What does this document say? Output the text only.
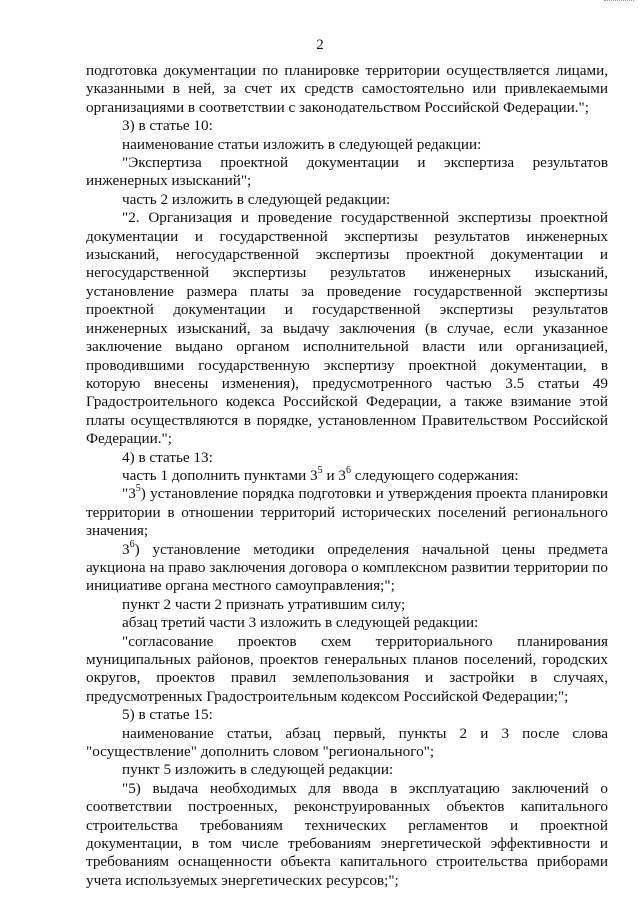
2

подготовка документации по планировке территории осуществляется лицами, указанными в ней, за счет их средств самостоятельно или привлекаемыми организациями в соответствии с законодательством Российской Федерации.";

3) в статье 10:

наименование статьи изложить в следующей редакции:

"Экспертиза проектной документации и экспертиза результатов инженерных изысканий";

часть 2 изложить в следующей редакции:

"2. Организация и проведение государственной экспертизы проектной документации и государственной экспертизы результатов инженерных изысканий, негосударственной экспертизы проектной документации и негосударственной экспертизы результатов инженерных изысканий, установление размера платы за проведение государственной экспертизы проектной документации и государственной экспертизы результатов инженерных изысканий, за выдачу заключения (в случае, если указанное заключение выдано органом исполнительной власти или организацией, проводившими государственную экспертизу проектной документации, в которую внесены изменения), предусмотренного частью 3.5 статьи 49 Градостроительного кодекса Российской Федерации, а также взимание этой платы осуществляются в порядке, установленном Правительством Российской Федерации.";

4) в статье 13:

часть 1 дополнить пунктами $3^5$ и $3^6$ следующего содержания:

"$3^5$) установление порядка подготовки и утверждения проекта планировки территории в отношении территорий исторических поселений регионального значения;

$3^6$) установление методики определения начальной цены предмета аукциона на право заключения договора о комплексном развитии территории по инициативе органа местного самоуправления;";

пункт 2 части 2 признать утратившим силу;

абзац третий части 3 изложить в следующей редакции:

"согласование проектов схем территориального планирования муниципальных районов, проектов генеральных планов поселений, городских округов, проектов правил землепользования и застройки в случаях, предусмотренных Градостроительным кодексом Российской Федерации;";

5) в статье 15:

наименование статьи, абзац первый, пункты 2 и 3 после слова "осуществление" дополнить словом "регионального";

пункт 5 изложить в следующей редакции:

"5) выдача необходимых для ввода в эксплуатацию заключений о соответствии построенных, реконструированных объектов капитального строительства требованиям технических регламентов и проектной документации, в том числе требованиям энергетической эффективности и требованиям оснащенности объекта капитального строительства приборами учета используемых энергетических ресурсов;";
